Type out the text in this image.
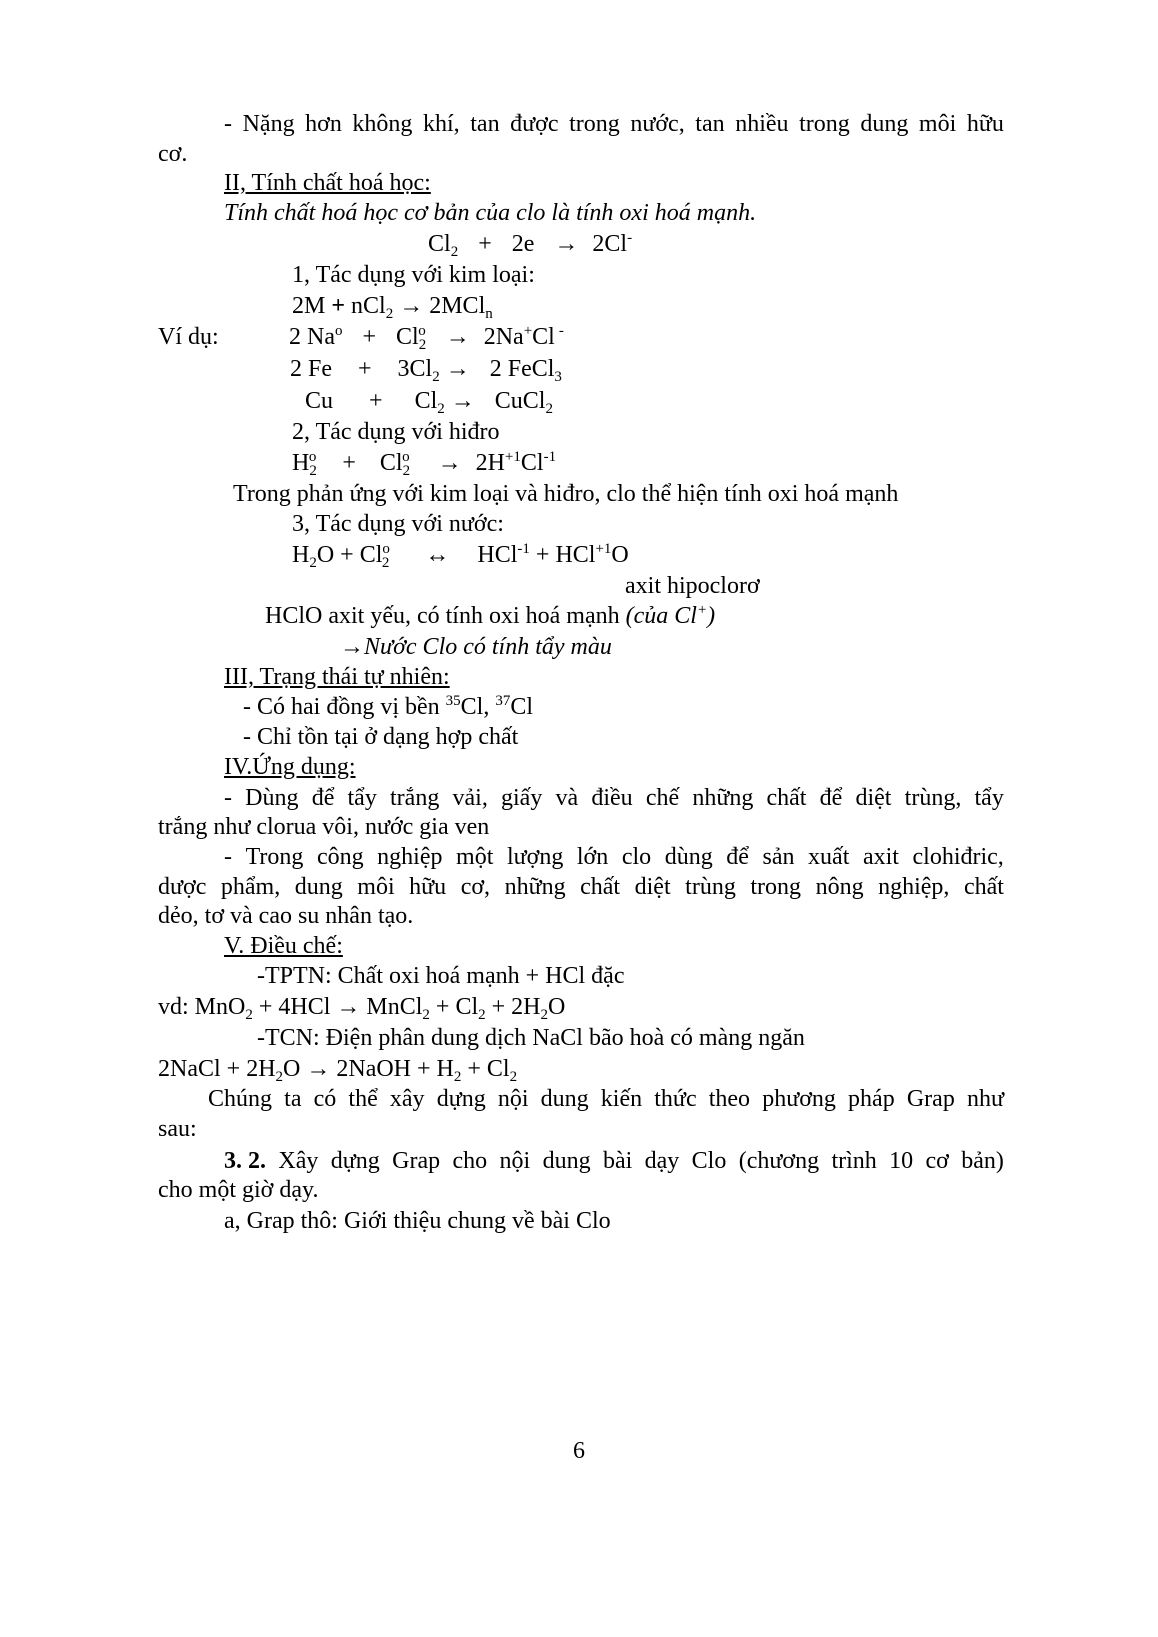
- Nặng hơn không khí, tan được trong nước, tan nhiều trong dung môi hữu
cơ.
II, Tính chất hoá học:
Tính chất hoá học cơ bản của clo là tính oxi hoá mạnh.
$Cl_2 + 2e \to 2Cl^-$
1, Tác dụng với kim loại:
2M + nCl$_2$ → 2MCl$_n$
Ví dụ:	2 $Na^o + Cl_2^o \to 2Na^+Cl$ -
2 $Fe + 3Cl_2 \to 2$ FeCl$_3$
$Cu + Cl_2$ → CuCl$_2$
2, Tác dụng với hiđro
$H_2^o + Cl_2^o \to 2H^{+1}Cl^{-1}$
Trong phản ứng với kim loại và hiđro, clo thể hiện tính oxi hoá mạnh
3, Tác dụng với nước:
$H_2O + Cl^o_2$ ↔ HCl$^{-1}$ + HCl$^{+1}$O
axit hipoclorơ
HClO axit yếu, có tính oxi hoá mạnh (của Cl+)
→Nước Clo có tính tẩy màu
III, Trạng thái tự nhiên:
- Có hai đồng vị bền $^{35}$Cl, $^{37}$Cl
- Chỉ tồn tại ở dạng hợp chất
IV.Ứng dụng:
- Dùng để tẩy trắng vải, giấy và điều chế những chất để diệt trùng, tẩy
trắng như clorua vôi, nước gia ven
- Trong công nghiệp một lượng lớn clo dùng để sản xuất axit clohiđric,
dược phẩm, dung môi hữu cơ, những chất diệt trùng trong nông nghiệp, chất
dẻo, tơ và cao su nhân tạo.
V. Điều chế:
-TPTN: Chất oxi hoá mạnh + HCl đặc
vd: MnO$_2$ + 4HCl → MnCl$_2$ + $Cl_2 + 2H_2O$
-TCN: Điện phân dung dịch NaCl bão hoà có màng ngăn
2NaCl + $2H_2O$ → 2NaOH + $H_2 + Cl_2$
Chúng ta có thể xây dựng nội dung kiến thức theo phương pháp Grap như
sau:
3. 2. Xây dựng Grap cho nội dung bài dạy Clo (chương trình 10 cơ bản)
cho một giờ dạy.
a, Grap thô: Giới thiệu chung về bài Clo
6
